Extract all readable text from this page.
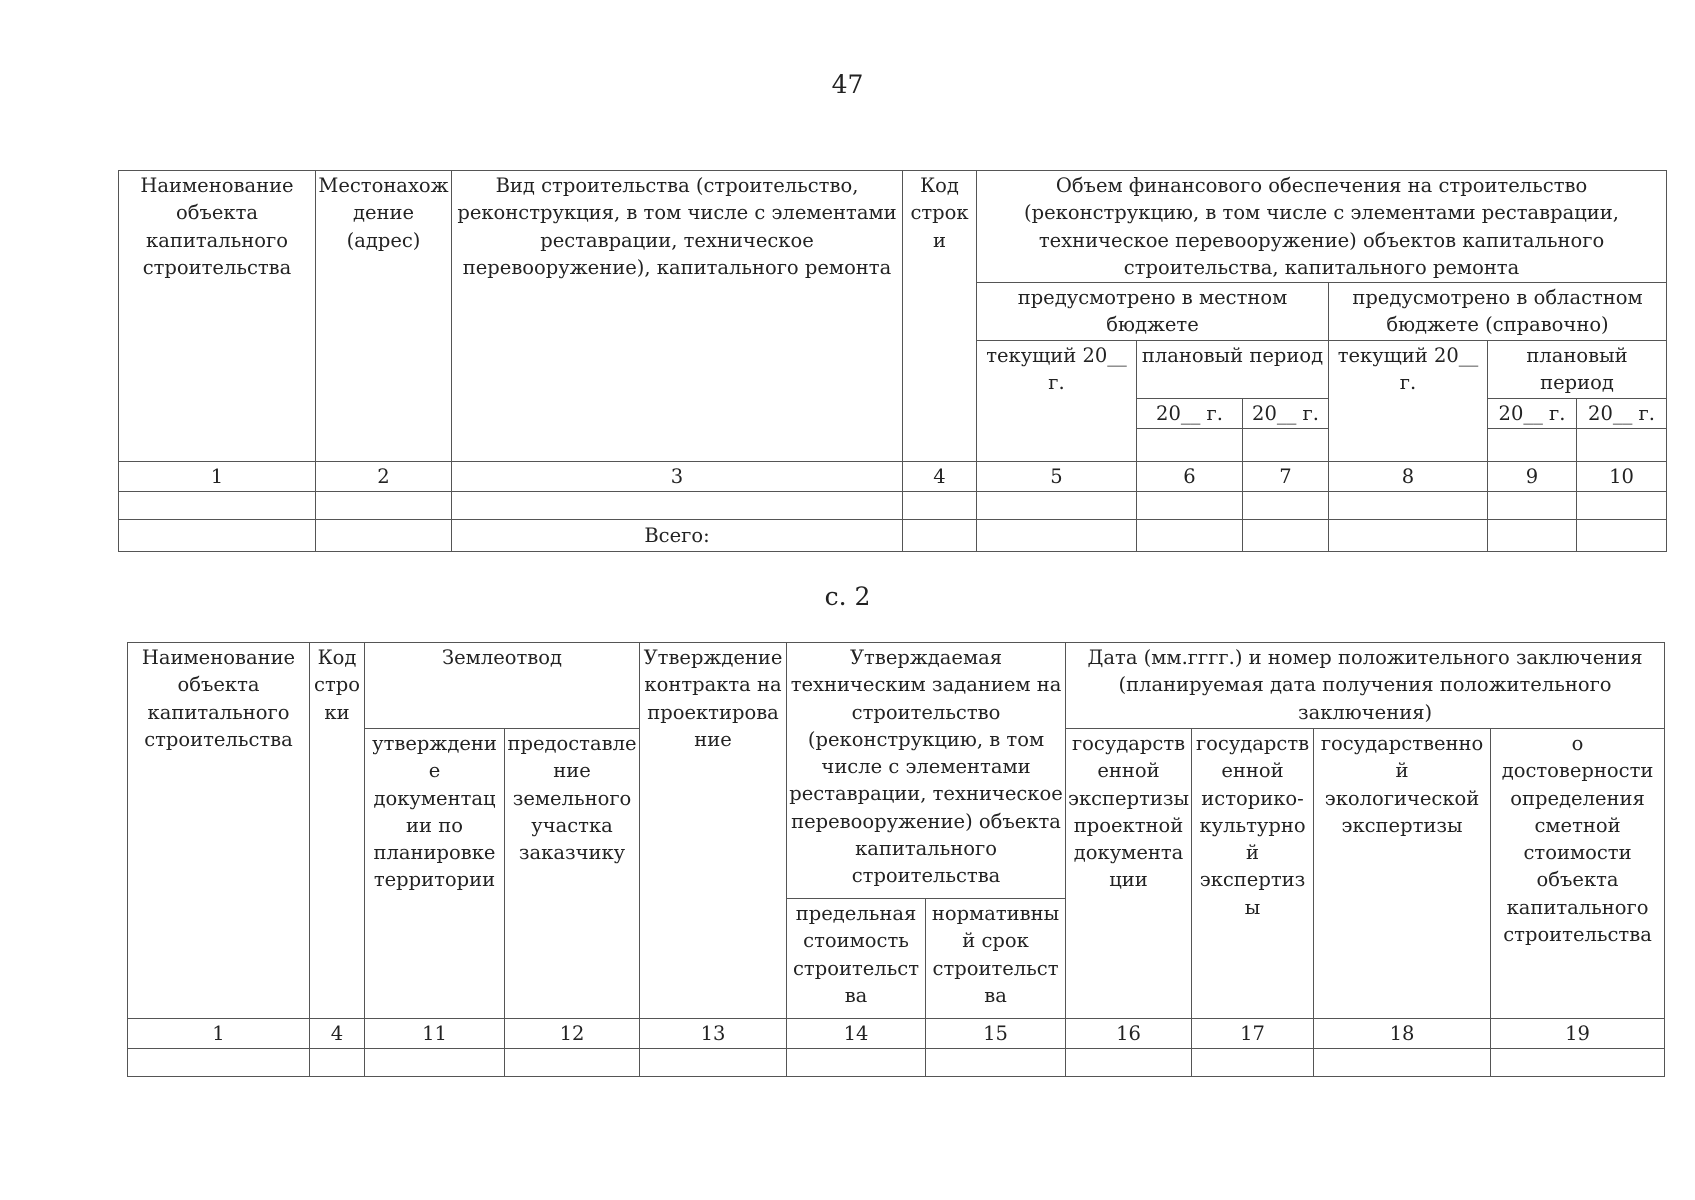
47
Наименование объекта капитального строительства	Местонахождение (адрес)	Вид строительства (строительство, реконструкция, в том числе с элементами реставрации, техническое перевооружение), капитального ремонта	Код строки	Объем финансового обеспечения на строительство (реконструкцию, в том числе с элементами реставрации, техническое перевооружение) объектов капитального строительства, капитального ремонта					
				предусмотрено в местном бюджете			предусмотрено в областном бюджете (справочно)		
				текущий 20__ г.	плановый период		текущий 20__ г.	плановый период	
					20__ г.	20__ г.		20__ г.	20__ г.

1	2	3	4	5	6	7	8	9	10

		Всего:							
с. 2
Наименование объекта капитального строительства	Код строки	Землеотвод		Утверждение контракта на проектирование	Утверждаемая техническим заданием на строительство (реконструкцию, в том числе с элементами реставрации, техническое перевооружение) объекта капитального строительства		Дата (мм.гггг.) и номер положительного заключения (планируемая дата получения положительного заключения)			
		утверждение документации по планировке территории	предоставление земельного участка заказчику				государственной экспертизы проектной документации	государственной историко-культурной экспертизы	государственной экологической экспертизы	о достоверности определения сметной стоимости объекта капитального строительства
					предельная стоимость строительства	нормативный срок строительства				
1	4	11	12	13	14	15	16	17	18	19
